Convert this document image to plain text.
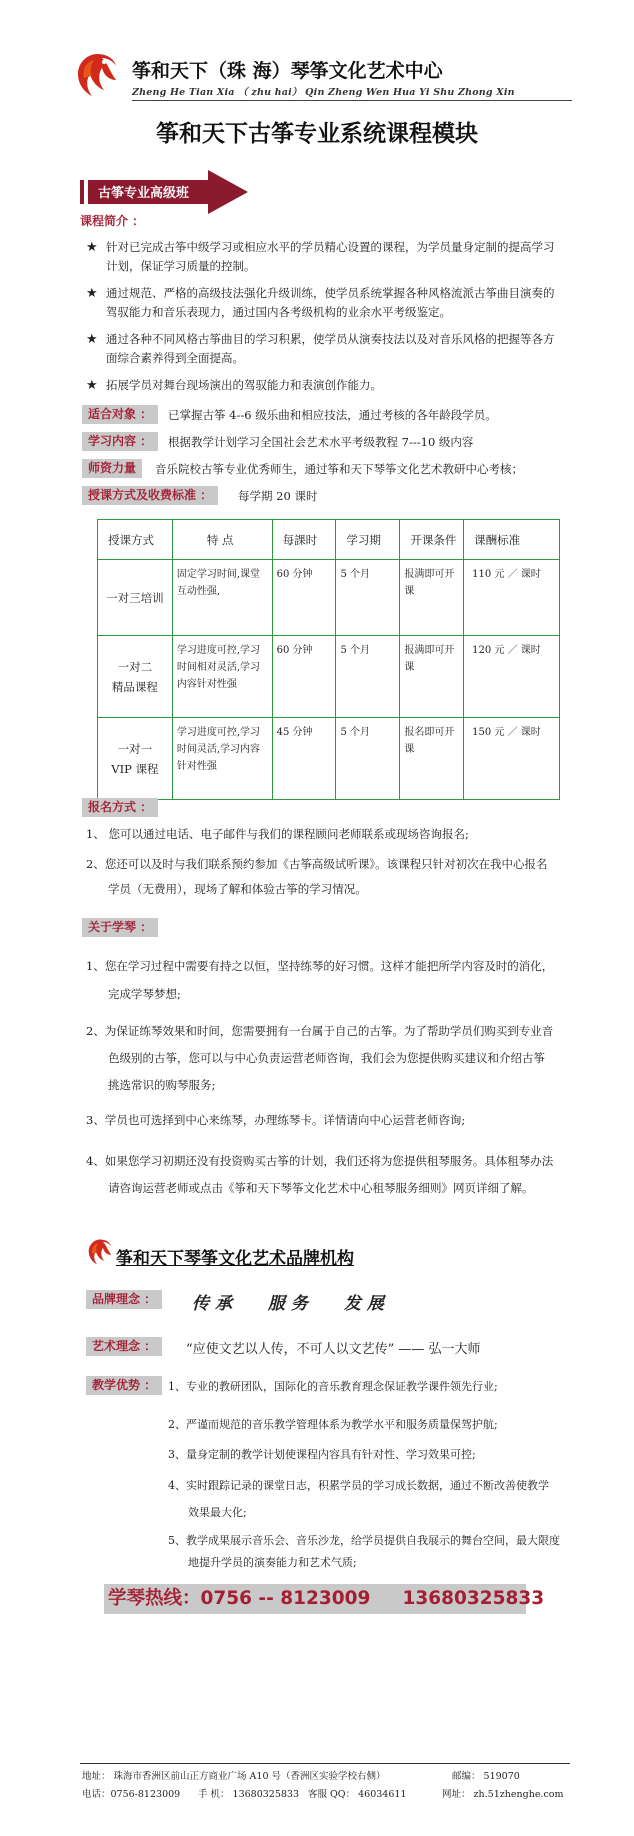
筝和天下（珠 海）琴筝文化艺术中心
Zheng He Tian Xia （ zhu hai） Qin Zheng Wen Hua Yi Shu Zhong Xin
筝和天下古筝专业系统课程模块
古筝专业高级班
课程简介 ：
★ 针对已完成古筝中级学习或相应水平的学员精心设置的课程，为学员量身定制的提高学习计划，保证学习质量的控制。
★ 通过规范、严格的高级技法强化升级训练，使学员系统掌握各种风格流派古筝曲目演奏的驾驭能力和音乐表现力，通过国内各考级机构的业余水平考级鉴定。
★ 通过各种不同风格古筝曲目的学习积累，使学员从演奏技法以及对音乐风格的把握等各方面综合素养得到全面提高。
★ 拓展学员对舞台现场演出的驾驭能力和表演创作能力。
适合对象 ：	已掌握古筝 4--6 级乐曲和相应技法，通过考核的各年龄段学员。
学习内容 ：	根据教学计划学习全国社会艺术水平考级教程 7---10 级内容
师资力量	音乐院校古筝专业优秀师生，通过筝和天下琴筝文化艺术教研中心考核；
授课方式及收费标准 ：	每学期 20 课时
授课方式	特 点	每課时	学习期	开课条件	课酬标准
一对三培训	固定学习时间,课堂互动性强,	60 分钟	5 个月	报满即可开课	110 元 ／ 课时
一对二
精品课程	学习进度可控,学习时间相对灵活,学习内容针对性强	60 分钟	5 个月	报满即可开课	120 元 ／ 课时
一对一
VIP 课程	学习进度可控,学习时间灵活,学习内容针对性强	45 分钟	5 个月	报名即可开课	150 元 ／ 课时
报名方式 ：
1、 您可以通过电话、电子邮件与我们的课程顾问老师联系或现场咨询报名;
2、您还可以及时与我们联系预约参加《古筝高级试听课》。该课程只针对初次在我中心报名学员（无费用），现场了解和体验古筝的学习情况。
关于学琴 ：
1、您在学习过程中需要有持之以恒，坚持练琴的好习惯。这样才能把所学内容及时的消化，完成学琴梦想;
2、为保证练琴效果和时间，您需要拥有一台属于自己的古筝。为了帮助学员们购买到专业音色级别的古筝，您可以与中心负责运营老师咨询，我们会为您提供购买建议和介绍古筝挑选常识的购琴服务;
3、学员也可选择到中心来练琴，办理练琴卡。详情请向中心运营老师咨询;
4、如果您学习初期还没有投资购买古筝的计划，我们还将为您提供租琴服务。具体租琴办法请咨询运营老师或点击《筝和天下琴筝文化艺术中心租琴服务细则》网页详细了解。
筝和天下琴筝文化艺术品牌机构
品牌理念 ：	传承 服务 发展
艺术理念 ：	“应使文艺以人传，不可人以文艺传” —— 弘一大师
教学优势 ：	1、专业的教研团队，国际化的音乐教育理念保证教学课件领先行业;
2、严谨而规范的音乐教学管理体系为教学水平和服务质量保驾护航;
3、量身定制的教学计划使课程内容具有针对性、学习效果可控;
4、实时跟踪记录的课堂日志，积累学员的学习成长数据，通过不断改善使教学效果最大化;
5、教学成果展示音乐会、音乐沙龙，给学员提供自我展示的舞台空间，最大限度地提升学员的演奏能力和艺术气质;
学琴热线：0756 -- 8123009     13680325833
地址： 珠海市香洲区前山正方商业广场 A10 号（香洲区实验学校右侧）	邮编： 519070
电话：0756-8123009 手 机： 13680325833 客服 QQ： 46034611	网址： zh.51zhenghe.com
